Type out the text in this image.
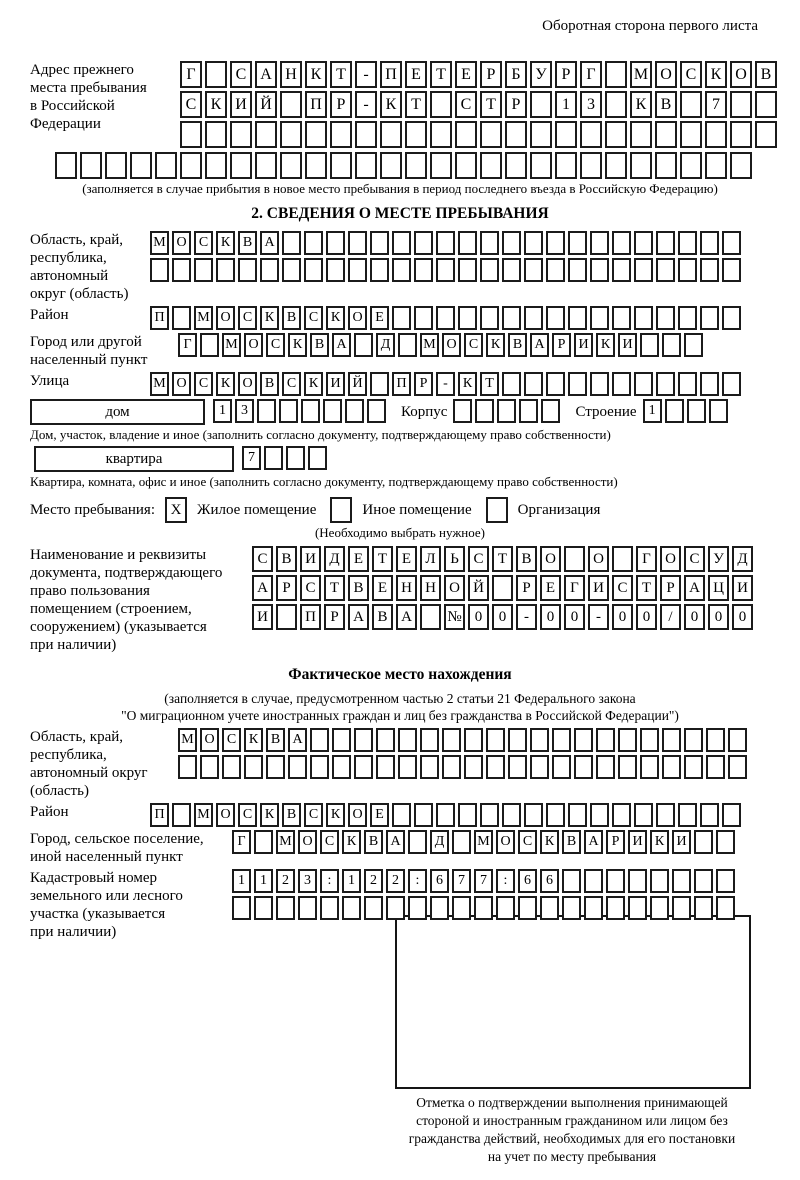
Оборотная сторона первого листа
Адрес прежнего
места пребывания
в Российской
Федерации
Г	С А Н К Т	-	П Е Т Е Р Б У Р Г	М О С К О В
С К И Й	П Р	-	К Т	С Т Р	1	3	К В	7
(заполняется в случае прибытия в новое место пребывания в период последнего въезда в Российскую Федерацию)
2. СВЕДЕНИЯ О МЕСТЕ ПРЕБЫВАНИЯ
Область, край,
республика,
автономный
округ (область)
М О С К В А
Район	П	М О С К В С К О Е
Город или другой
населенный пункт
Г	М О С К В А	Д	М О С К В А Р И К И
Улица	М О С К О В С К И Й	П Р	-	К Т
дом	1	3	Корпус	Строение 1
Дом, участок, владение и иное (заполнить согласно документу, подтверждающему право собственности)
квартира	7
Квартира, комната, офис и иное (заполнить согласно документу, подтверждающему право собственности)
Место пребывания:	X	Жилое помещение	Иное помещение	Организация
(Необходимо выбрать нужное)
Наименование и реквизиты
документа, подтверждающего
право пользования
помещением (строением,
сооружением) (указывается
при наличии)
С В И Д Е Т Е Л Ь С Т В О	О	Г О С У Д
А Р С Т В Е Н Н О Й	Р	Е	Г И С Т	Р А Ц И
И	П Р А В А	№ 0	0	-	0	0	-	0	0	/	0	0	0
Фактическое место нахождения
(заполняется в случае, предусмотренном частью 2 статьи 21 Федерального закона
"О миграционном учете иностранных граждан и лиц без гражданства в Российской Федерации")
Область, край,
республика,
автономный округ
(область)
М О С К В А
Район	П	М О С К В С К О Е
Город, сельское поселение,
иной населенный пункт
Г	М О С К В А	Д	М О С К В А Р И К И
Кадастровый номер
земельного или лесного
участка (указывается
при наличии)
1	1	2	3	:	1	2	2	:	6	7	7	:	6	6
Отметка о подтверждении выполнения принимающей
стороной и иностранным гражданином или лицом без
гражданства действий, необходимых для его постановки
на учет по месту пребывания
